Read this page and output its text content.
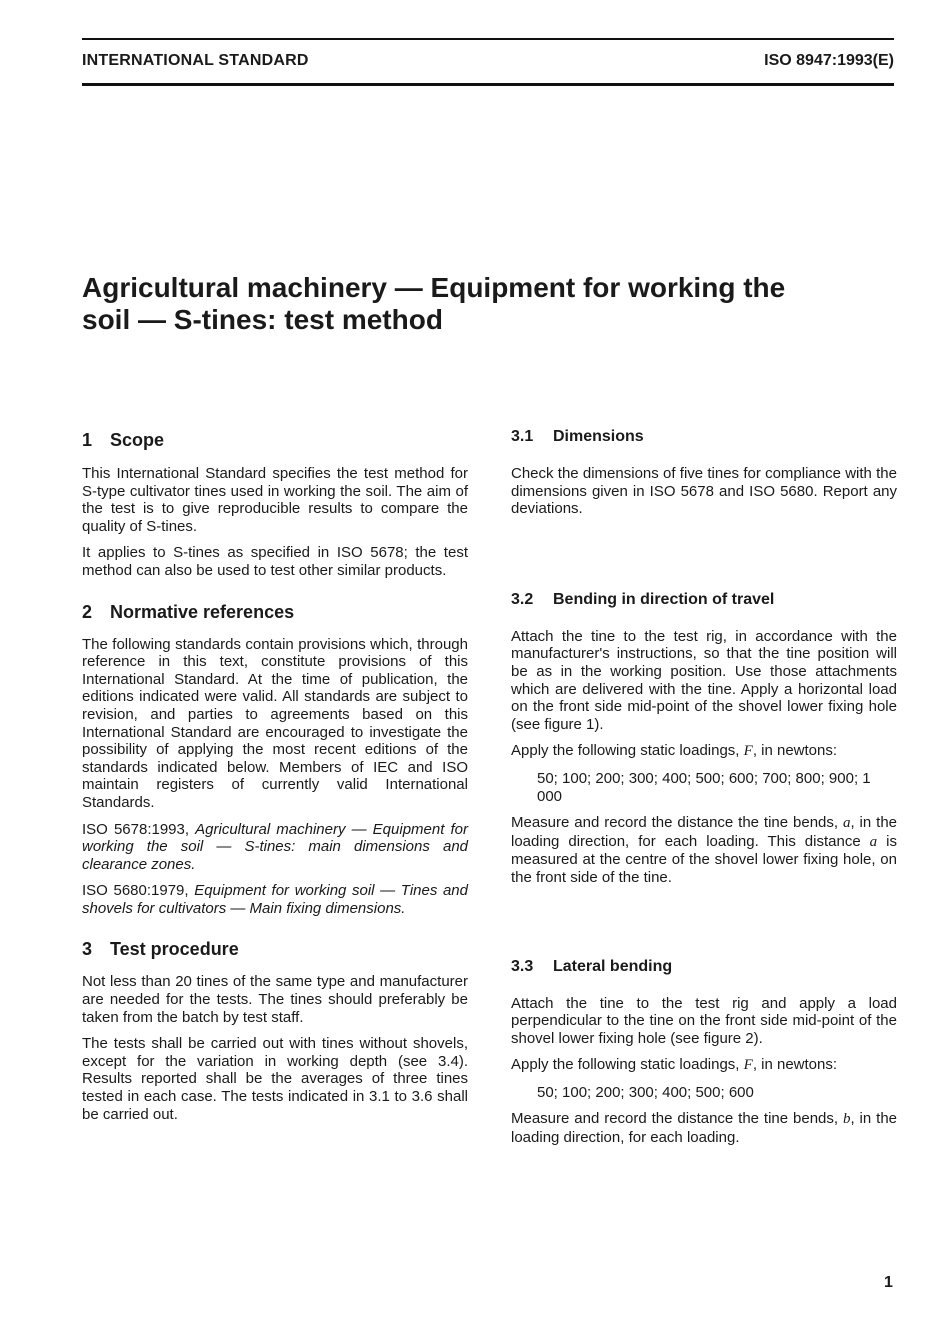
INTERNATIONAL STANDARD	ISO 8947:1993(E)
Agricultural machinery — Equipment for working the
soil — S-tines: test method
1 Scope

This International Standard specifies the test method for S-type cultivator tines used in working the soil. The aim of the test is to give reproducible results to compare the quality of S-tines.

It applies to S-tines as specified in ISO 5678; the test method can also be used to test other similar products.

2 Normative references

The following standards contain provisions which, through reference in this text, constitute provisions of this International Standard. At the time of publication, the editions indicated were valid. All standards are subject to revision, and parties to agreements based on this International Standard are encouraged to investigate the possibility of applying the most recent editions of the standards indicated below. Members of IEC and ISO maintain registers of currently valid International Standards.

ISO 5678:1993, Agricultural machinery — Equipment for working the soil — S-tines: main dimensions and clearance zones.

ISO 5680:1979, Equipment for working soil — Tines and shovels for cultivators — Main fixing dimensions.

3 Test procedure

Not less than 20 tines of the same type and manufacturer are needed for the tests. The tines should preferably be taken from the batch by test staff.

The tests shall be carried out with tines without shovels, except for the variation in working depth (see 3.4). Results reported shall be the averages of three tines tested in each case. The tests indicated in 3.1 to 3.6 shall be carried out.

3.1 Dimensions

Check the dimensions of five tines for compliance with the dimensions given in ISO 5678 and ISO 5680. Report any deviations.

3.2 Bending in direction of travel

Attach the tine to the test rig, in accordance with the manufacturer's instructions, so that the tine position will be as in the working position. Use those attachments which are delivered with the tine. Apply a horizontal load on the front side mid-point of the shovel lower fixing hole (see figure 1).

Apply the following static loadings, F, in newtons:

50; 100; 200; 300; 400; 500; 600; 700; 800; 900; 1 000

Measure and record the distance the tine bends, a, in the loading direction, for each loading. This distance a is measured at the centre of the shovel lower fixing hole, on the front side of the tine.

3.3 Lateral bending

Attach the tine to the test rig and apply a load perpendicular to the tine on the front side mid-point of the shovel lower fixing hole (see figure 2).

Apply the following static loadings, F, in newtons:

50; 100; 200; 300; 400; 500; 600

Measure and record the distance the tine bends, b, in the loading direction, for each loading.

1
